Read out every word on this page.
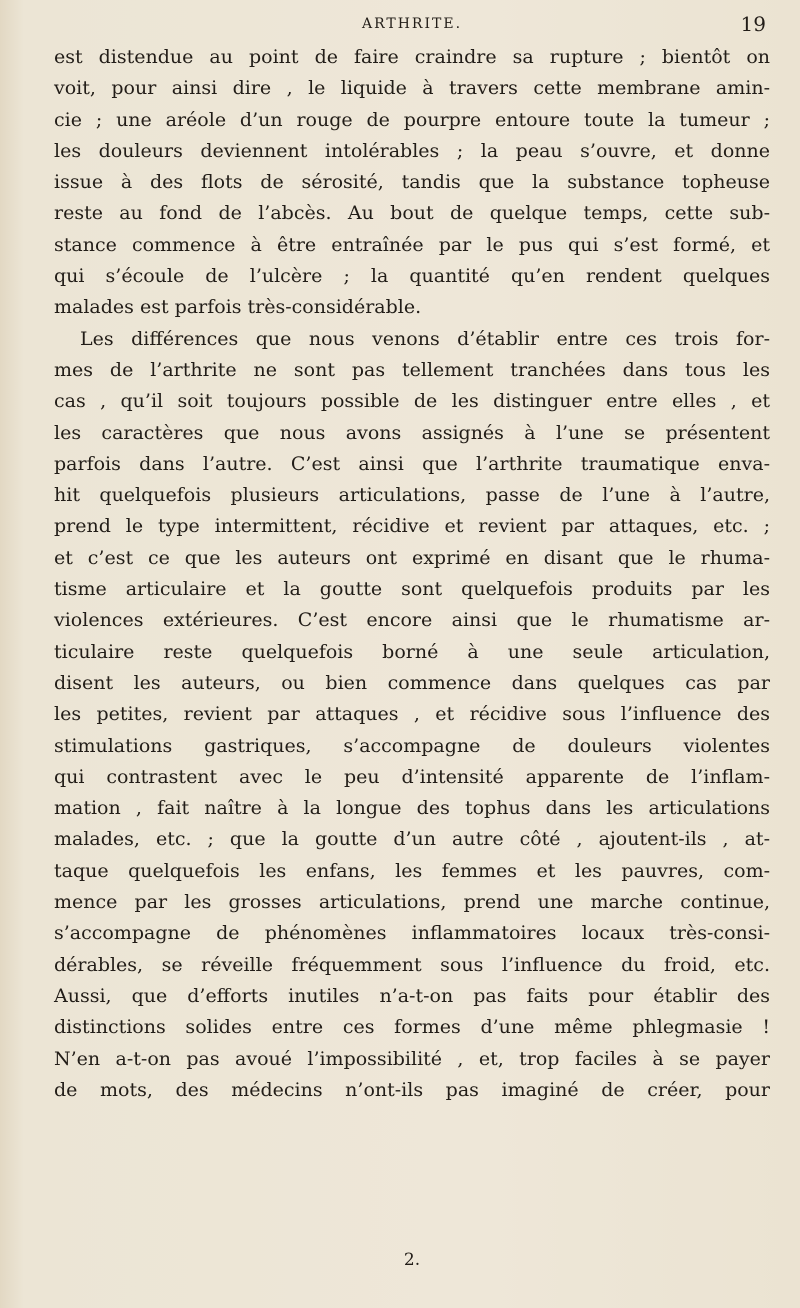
ARTHRITE.	19
est distendue au point de faire craindre sa rupture ; bientôt on
voit, pour ainsi dire , le liquide à travers cette membrane amin-
cie ; une aréole d’un rouge de pourpre entoure toute la tumeur ;
les douleurs deviennent intolérables ; la peau s’ouvre, et donne
issue à des flots de sérosité, tandis que la substance topheuse
reste au fond de l’abcès. Au bout de quelque temps, cette sub-
stance commence à être entraînée par le pus qui s’est formé, et
qui s’écoule de l’ulcère ; la quantité qu’en rendent quelques
malades est parfois très-considérable.
Les différences que nous venons d’établir entre ces trois for-
mes de l’arthrite ne sont pas tellement tranchées dans tous les
cas , qu’il soit toujours possible de les distinguer entre elles , et
les caractères que nous avons assignés à l’une se présentent
parfois dans l’autre. C’est ainsi que l’arthrite traumatique enva-
hit quelquefois plusieurs articulations, passe de l’une à l’autre,
prend le type intermittent, récidive et revient par attaques, etc. ;
et c’est ce que les auteurs ont exprimé en disant que le rhuma-
tisme articulaire et la goutte sont quelquefois produits par les
violences extérieures. C’est encore ainsi que le rhumatisme ar-
ticulaire reste quelquefois borné à une seule articulation,
disent les auteurs, ou bien commence dans quelques cas par
les petites, revient par attaques , et récidive sous l’influence des
stimulations gastriques, s’accompagne de douleurs violentes
qui contrastent avec le peu d’intensité apparente de l’inflam-
mation , fait naître à la longue des tophus dans les articulations
malades, etc. ; que la goutte d’un autre côté , ajoutent-ils , at-
taque quelquefois les enfans, les femmes et les pauvres, com-
mence par les grosses articulations, prend une marche continue,
s’accompagne de phénomènes inflammatoires locaux très-consi-
dérables, se réveille fréquemment sous l’influence du froid, etc.
Aussi, que d’efforts inutiles n’a-t-on pas faits pour établir des
distinctions solides entre ces formes d’une même phlegmasie !
N’en a-t-on pas avoué l’impossibilité , et, trop faciles à se payer
de mots, des médecins n’ont-ils pas imaginé de créer, pour
2.
